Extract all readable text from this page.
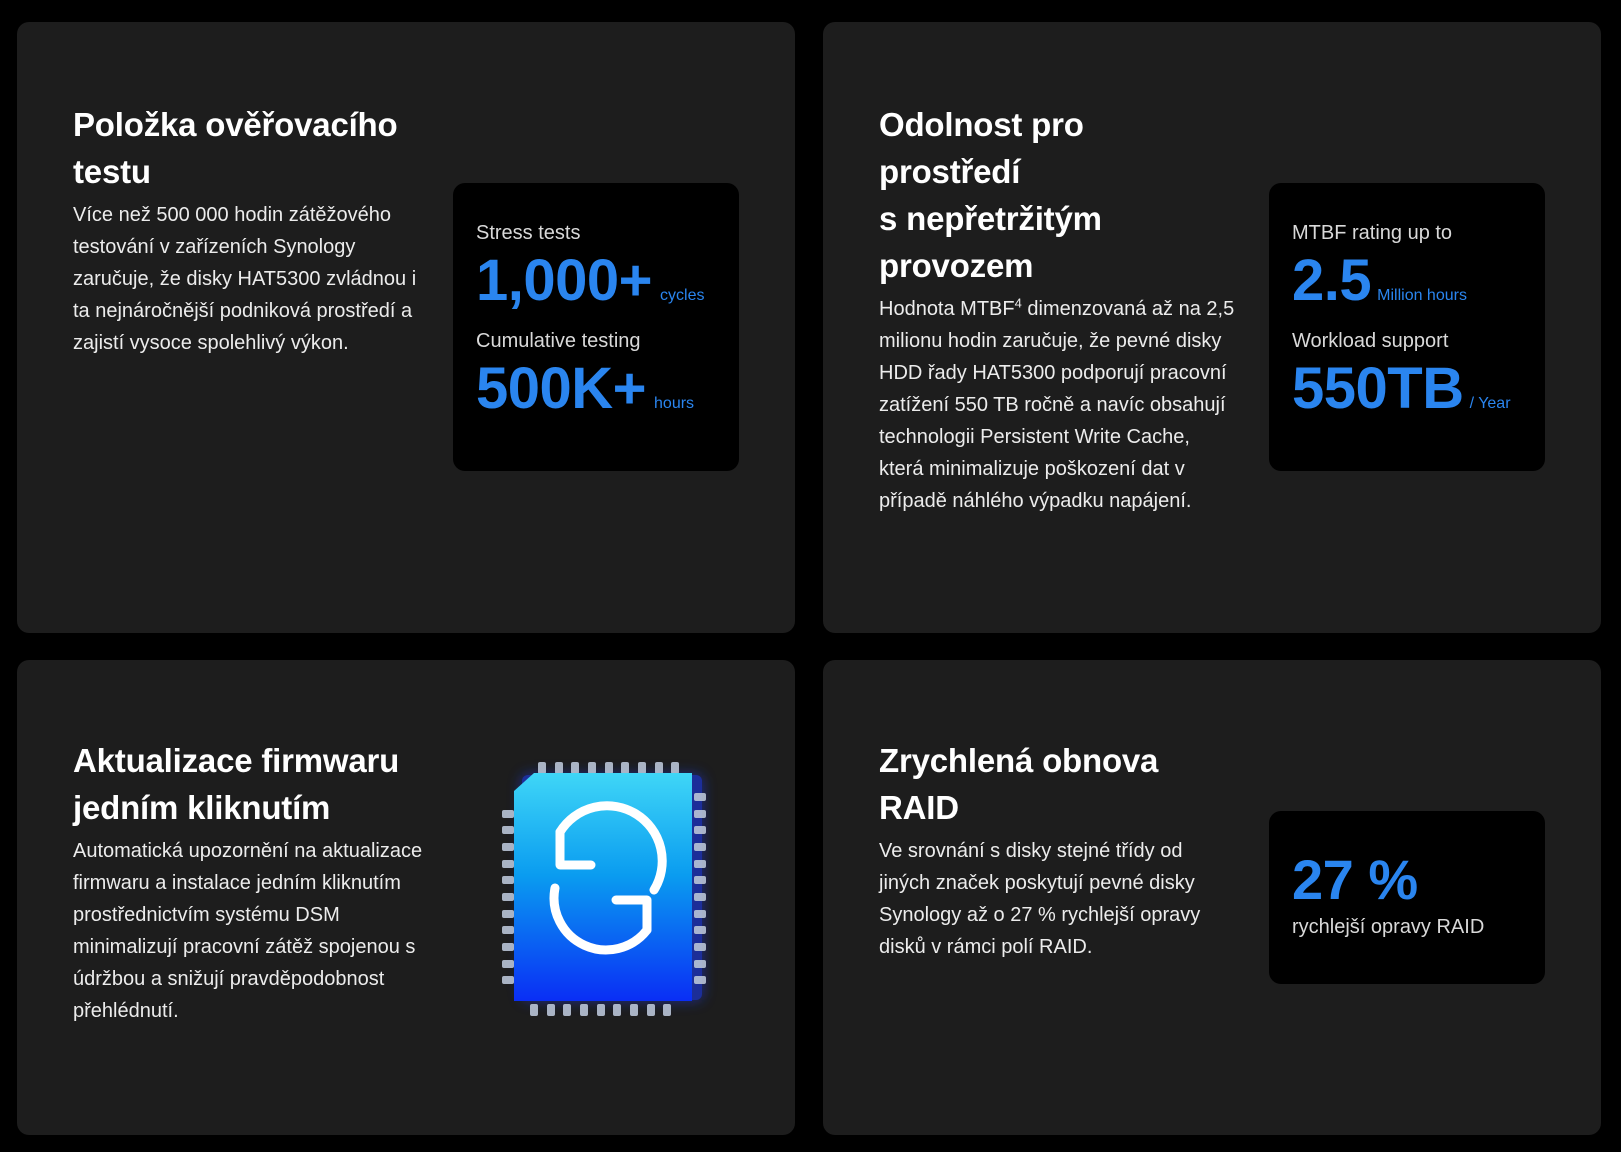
Položka ověřovacího testu

Více než 500 000 hodin zátěžového testování v zařízeních Synology zaručuje, že disky HAT5300 zvládnou i ta nejnáročnější podniková prostředí a zajistí vysoce spolehlivý výkon.

Stress tests

1,000+ cycles

Cumulative testing

500K+ hours
Odolnost pro
prostředí
s nepřetržitým
provozem

Hodnota MTBF$^4$ dimenzovaná až na 2,5 milionu hodin zaručuje, že pevné disky HDD řady HAT5300 podporují pracovní zatížení 550 TB ročně a navíc obsahují technologii Persistent Write Cache, která minimalizuje poškození dat v případě náhlého výpadku napájení.

MTBF rating up to

2.5 Million hours

Workload support

550TB / Year
Aktualizace firmwaru jedním kliknutím

Automatická upozornění na aktualizace firmwaru a instalace jedním kliknutím prostřednictvím systému DSM minimalizují pracovní zátěž spojenou s údržbou a snižují pravděpodobnost přehlédnutí.

Zrychlená obnova RAID

Ve srovnání s disky stejné třídy od jiných značek poskytují pevné disky Synology až o 27 % rychlejší opravy disků v rámci polí RAID.

27 %

rychlejší opravy RAID
